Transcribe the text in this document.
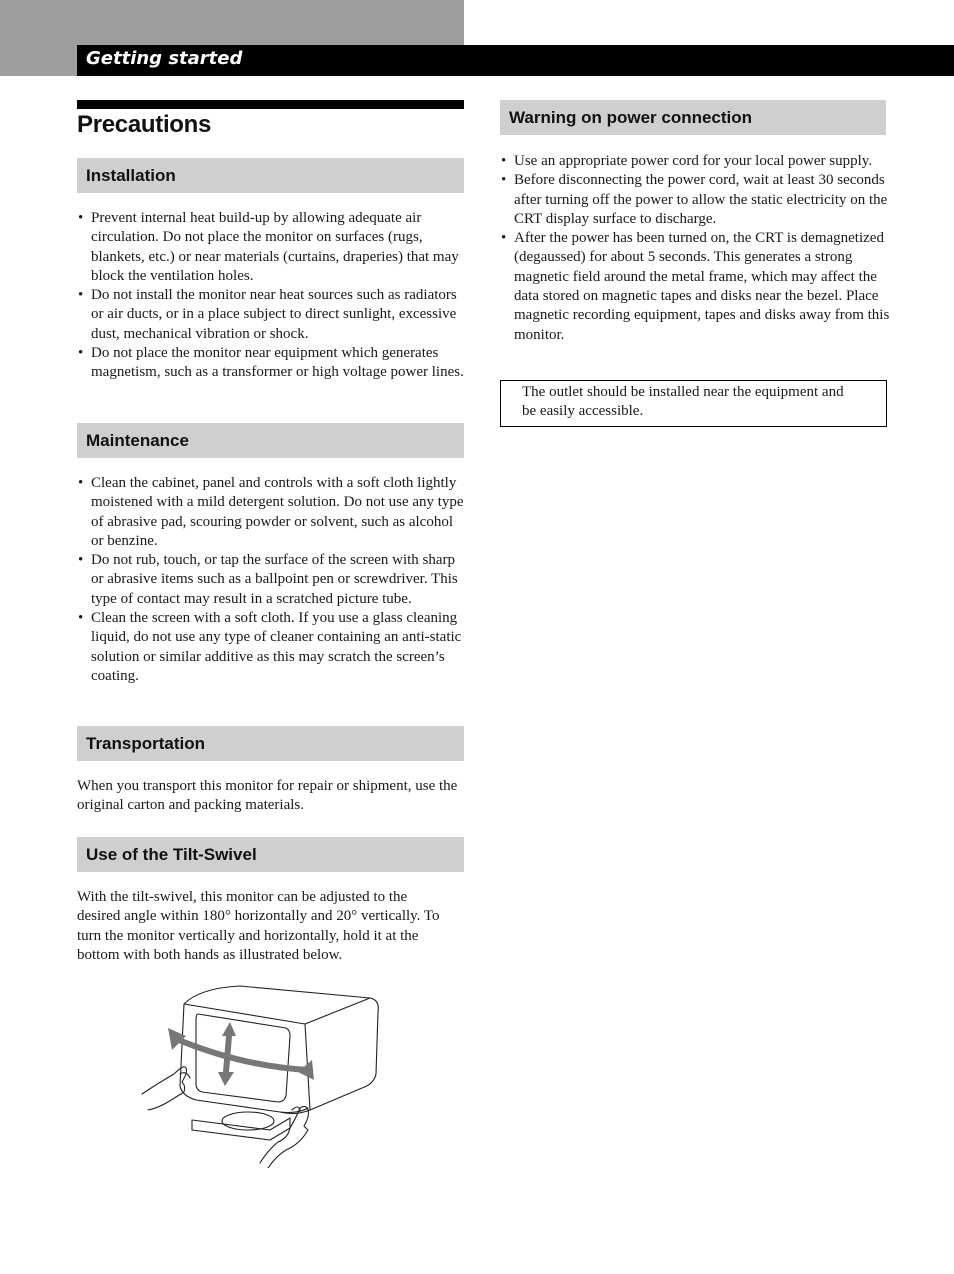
Getting started
Precautions
Installation
• Prevent internal heat build-up by allowing adequate air circulation. Do not place the monitor on surfaces (rugs, blankets, etc.) or near materials (curtains, draperies) that may block the ventilation holes.
• Do not install the monitor near heat sources such as radiators or air ducts, or in a place subject to direct sunlight, excessive dust, mechanical vibration or shock.
• Do not place the monitor near equipment which generates magnetism, such as a transformer or high voltage power lines.
Maintenance
• Clean the cabinet, panel and controls with a soft cloth lightly moistened with a mild detergent solution. Do not use any type of abrasive pad, scouring powder or solvent, such as alcohol or benzine.
• Do not rub, touch, or tap the surface of the screen with sharp or abrasive items such as a ballpoint pen or screwdriver. This type of contact may result in a scratched picture tube.
• Clean the screen with a soft cloth. If you use a glass cleaning liquid, do not use any type of cleaner containing an anti-static solution or similar additive as this may scratch the screen’s coating.
Transportation

When you transport this monitor for repair or shipment, use the original carton and packing materials.

Use of the Tilt-Swivel

With the tilt-swivel, this monitor can be adjusted to the desired angle within 180° horizontally and 20° vertically. To turn the monitor vertically and horizontally, hold it at the bottom with both hands as illustrated below.

Warning on power connection
• Use an appropriate power cord for your local power supply.
• Before disconnecting the power cord, wait at least 30 seconds after turning off the power to allow the static electricity on the CRT display surface to discharge.
• After the power has been turned on, the CRT is demagnetized (degaussed) for about 5 seconds. This generates a strong magnetic field around the metal frame, which may affect the data stored on magnetic tapes and disks near the bezel. Place magnetic recording equipment, tapes and disks away from this monitor.
The outlet should be installed near the equipment and be easily accessible.
